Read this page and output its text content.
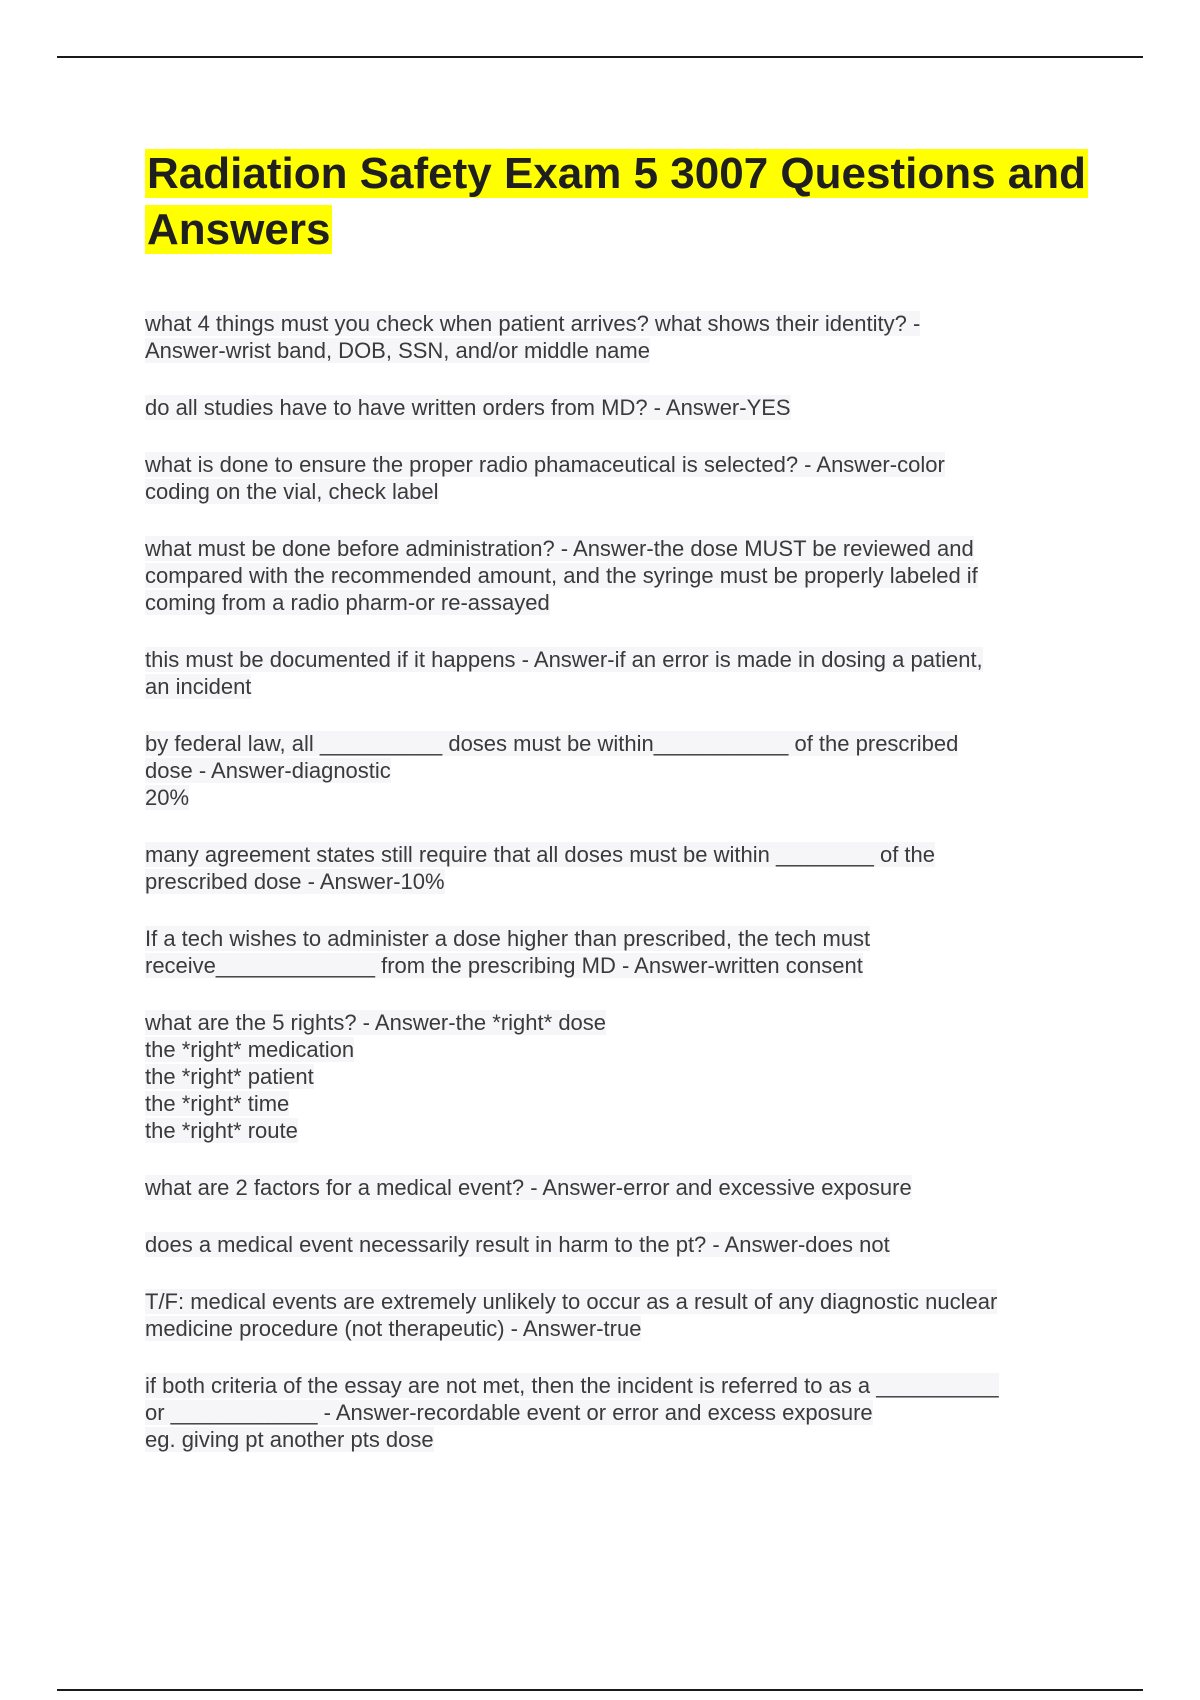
Radiation Safety Exam 5 3007 Questions and Answers

what 4 things must you check when patient arrives? what shows their identity? -
Answer-wrist band, DOB, SSN, and/or middle name

do all studies have to have written orders from MD? - Answer-YES

what is done to ensure the proper radio phamaceutical is selected? - Answer-color
coding on the vial, check label

what must be done before administration? - Answer-the dose MUST be reviewed and
compared with the recommended amount, and the syringe must be properly labeled if
coming from a radio pharm-or re-assayed

this must be documented if it happens - Answer-if an error is made in dosing a patient,
an incident

by federal law, all __________ doses must be within___________ of the prescribed
dose - Answer-diagnostic
20%

many agreement states still require that all doses must be within ________ of the
prescribed dose - Answer-10%

If a tech wishes to administer a dose higher than prescribed, the tech must
receive_____________ from the prescribing MD - Answer-written consent

what are the 5 rights? - Answer-the *right* dose
the *right* medication
the *right* patient
the *right* time
the *right* route

what are 2 factors for a medical event? - Answer-error and excessive exposure

does a medical event necessarily result in harm to the pt? - Answer-does not

T/F: medical events are extremely unlikely to occur as a result of any diagnostic nuclear
medicine procedure (not therapeutic) - Answer-true

if both criteria of the essay are not met, then the incident is referred to as a __________
or ____________ - Answer-recordable event or error and excess exposure
eg. giving pt another pts dose
